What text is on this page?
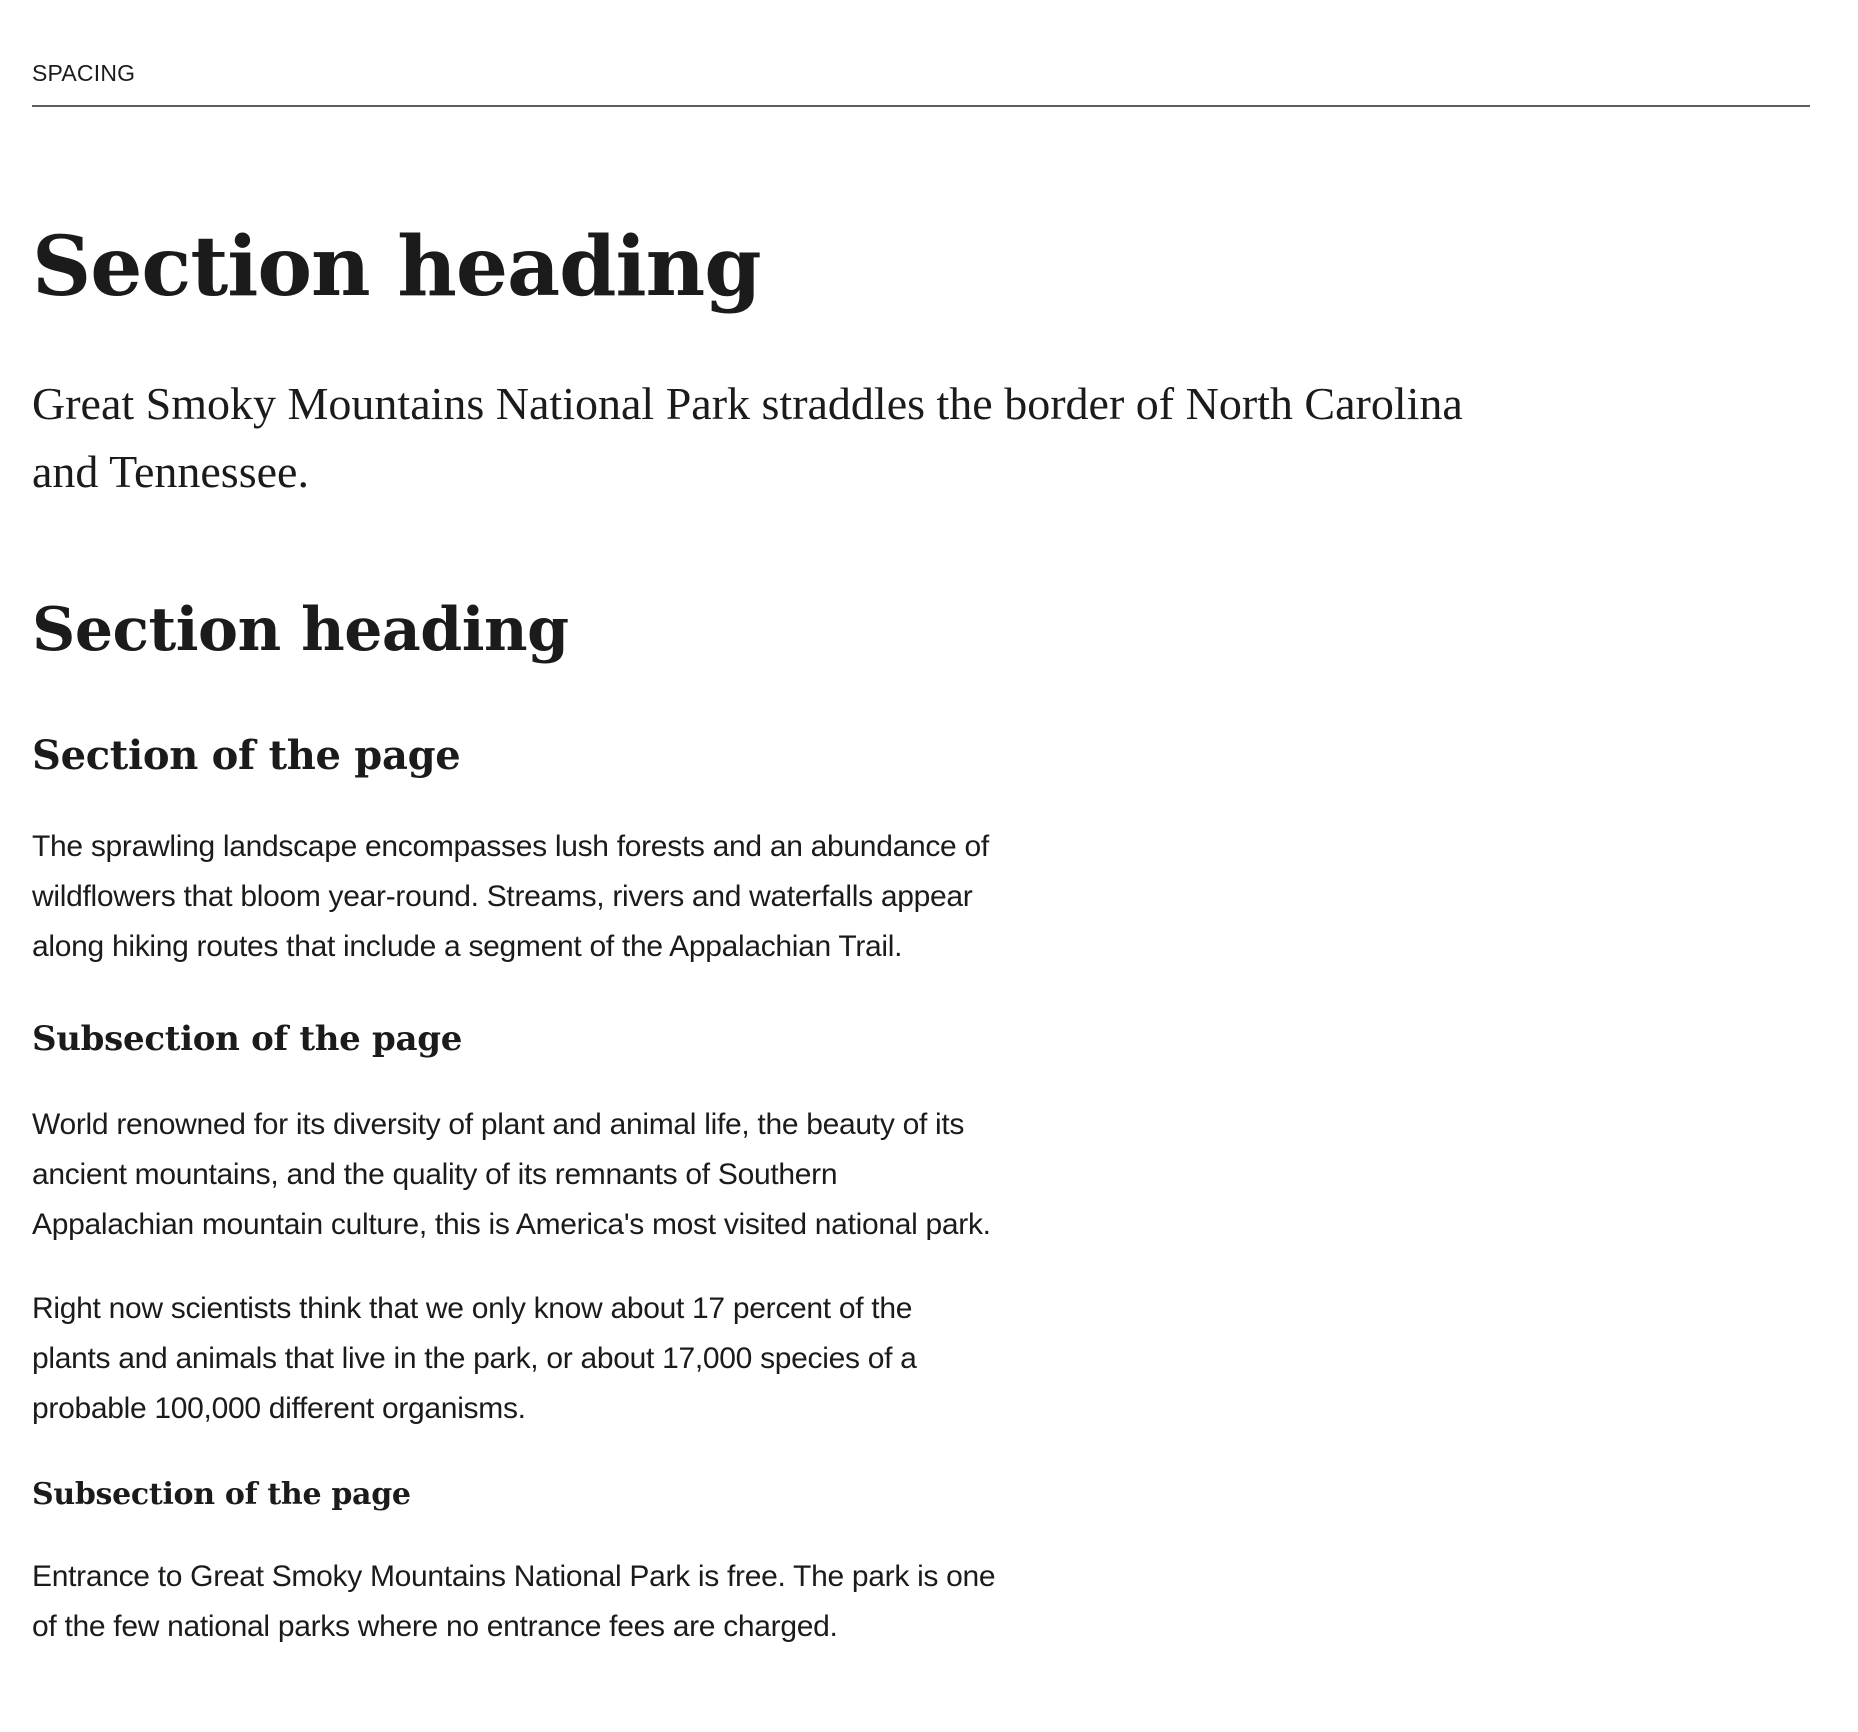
SPACING
Section heading

Great Smoky Mountains National Park straddles the border of North Carolina
and Tennessee.

Section heading
Section of the page

The sprawling landscape encompasses lush forests and an abundance of
wildflowers that bloom year-round. Streams, rivers and waterfalls appear
along hiking routes that include a segment of the Appalachian Trail.

Subsection of the page

World renowned for its diversity of plant and animal life, the beauty of its
ancient mountains, and the quality of its remnants of Southern
Appalachian mountain culture, this is America's most visited national park.

Right now scientists think that we only know about 17 percent of the
plants and animals that live in the park, or about 17,000 species of a
probable 100,000 different organisms.

Subsection of the page

Entrance to Great Smoky Mountains National Park is free. The park is one
of the few national parks where no entrance fees are charged.
